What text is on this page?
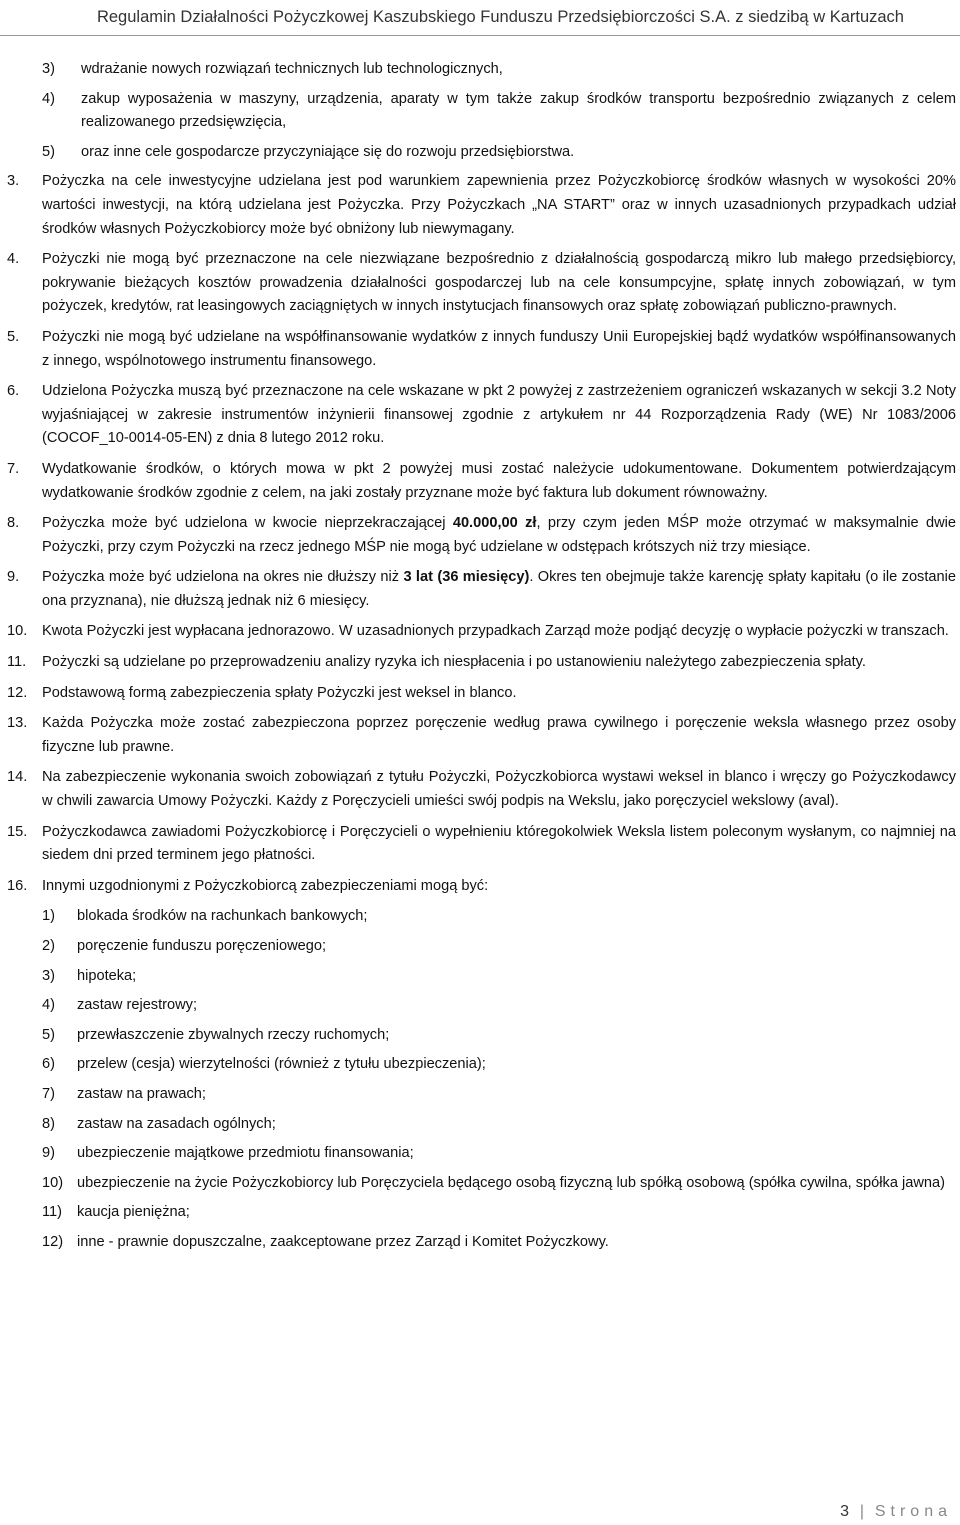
Regulamin Działalności Pożyczkowej Kaszubskiego Funduszu Przedsiębiorczości S.A. z siedzibą w Kartuzach
3) wdrażanie nowych rozwiązań technicznych lub technologicznych,
4) zakup wyposażenia w maszyny, urządzenia, aparaty w tym także zakup środków transportu bezpośrednio związanych z celem realizowanego przedsięwzięcia,
5) oraz inne cele gospodarcze przyczyniające się do rozwoju przedsiębiorstwa.
3. Pożyczka na cele inwestycyjne udzielana jest pod warunkiem zapewnienia przez Pożyczkobiorcę środków własnych w wysokości 20% wartości inwestycji, na którą udzielana jest Pożyczka. Przy Pożyczkach „NA START” oraz w innych uzasadnionych przypadkach udział środków własnych Pożyczkobiorcy może być obniżony lub niewymagany.
4. Pożyczki nie mogą być przeznaczone na cele niezwiązane bezpośrednio z działalnością gospodarczą mikro lub małego przedsiębiorcy, pokrywanie bieżących kosztów prowadzenia działalności gospodarczej lub na cele konsumpcyjne, spłatę innych zobowiązań, w tym pożyczek, kredytów, rat leasingowych zaciągniętych w innych instytucjach finansowych oraz spłatę zobowiązań publiczno-prawnych.
5. Pożyczki nie mogą być udzielane na współfinansowanie wydatków z innych funduszy Unii Europejskiej bądź wydatków współfinansowanych z innego, wspólnotowego instrumentu finansowego.
6. Udzielona Pożyczka muszą być przeznaczone na cele wskazane w pkt 2 powyżej z zastrzeżeniem ograniczeń wskazanych w sekcji 3.2 Noty wyjaśniającej w zakresie instrumentów inżynierii finansowej zgodnie z artykułem nr 44 Rozporządzenia Rady (WE) Nr 1083/2006 (COCOF_10-0014-05-EN) z dnia 8 lutego 2012 roku.
7. Wydatkowanie środków, o których mowa w pkt 2 powyżej musi zostać należycie udokumentowane. Dokumentem potwierdzającym wydatkowanie środków zgodnie z celem, na jaki zostały przyznane może być faktura lub dokument równoważny.
8. Pożyczka może być udzielona w kwocie nieprzekraczającej 40.000,00 zł, przy czym jeden MŚP może otrzymać w maksymalnie dwie Pożyczki, przy czym Pożyczki na rzecz jednego MŚP nie mogą być udzielane w odstępach krótszych niż trzy miesiące.
9. Pożyczka może być udzielona na okres nie dłuższy niż 3 lat (36 miesięcy). Okres ten obejmuje także karencję spłaty kapitału (o ile zostanie ona przyznana), nie dłuższą jednak niż 6 miesięcy.
10. Kwota Pożyczki jest wypłacana jednorazowo. W uzasadnionych przypadkach Zarząd może podjąć decyzję o wypłacie pożyczki w transzach.
11. Pożyczki są udzielane po przeprowadzeniu analizy ryzyka ich niespłacenia i po ustanowieniu należytego zabezpieczenia spłaty.
12. Podstawową formą zabezpieczenia spłaty Pożyczki jest weksel in blanco.
13. Każda Pożyczka może zostać zabezpieczona poprzez poręczenie według prawa cywilnego i poręczenie weksla własnego przez osoby fizyczne lub prawne.
14. Na zabezpieczenie wykonania swoich zobowiązań z tytułu Pożyczki, Pożyczkobiorca wystawi weksel in blanco i wręczy go Pożyczkodawcy w chwili zawarcia Umowy Pożyczki. Każdy z Poręczycieli umieści swój podpis na Wekslu, jako poręczyciel wekslowy (aval).
15. Pożyczkodawca zawiadomi Pożyczkobiorcę i Poręczycieli o wypełnieniu któregokolwiek Weksla listem poleconym wysłanym, co najmniej na siedem dni przed terminem jego płatności.
16. Innymi uzgodnionymi z Pożyczkobiorcą zabezpieczeniami mogą być:
1) blokada środków na rachunkach bankowych;
2) poręczenie funduszu poręczeniowego;
3) hipoteka;
4) zastaw rejestrowy;
5) przewłaszczenie zbywalnych rzeczy ruchomych;
6) przelew (cesja) wierzytelności (również z tytułu ubezpieczenia);
7) zastaw na prawach;
8) zastaw na zasadach ogólnych;
9) ubezpieczenie majątkowe przedmiotu finansowania;
10) ubezpieczenie na życie Pożyczkobiorcy lub Poręczyciela będącego osobą fizyczną lub spółką osobową (spółka cywilna, spółka jawna)
11) kaucja pieniężna;
12) inne - prawnie dopuszczalne, zaakceptowane przez Zarząd i Komitet Pożyczkowy.
3 | Strona
